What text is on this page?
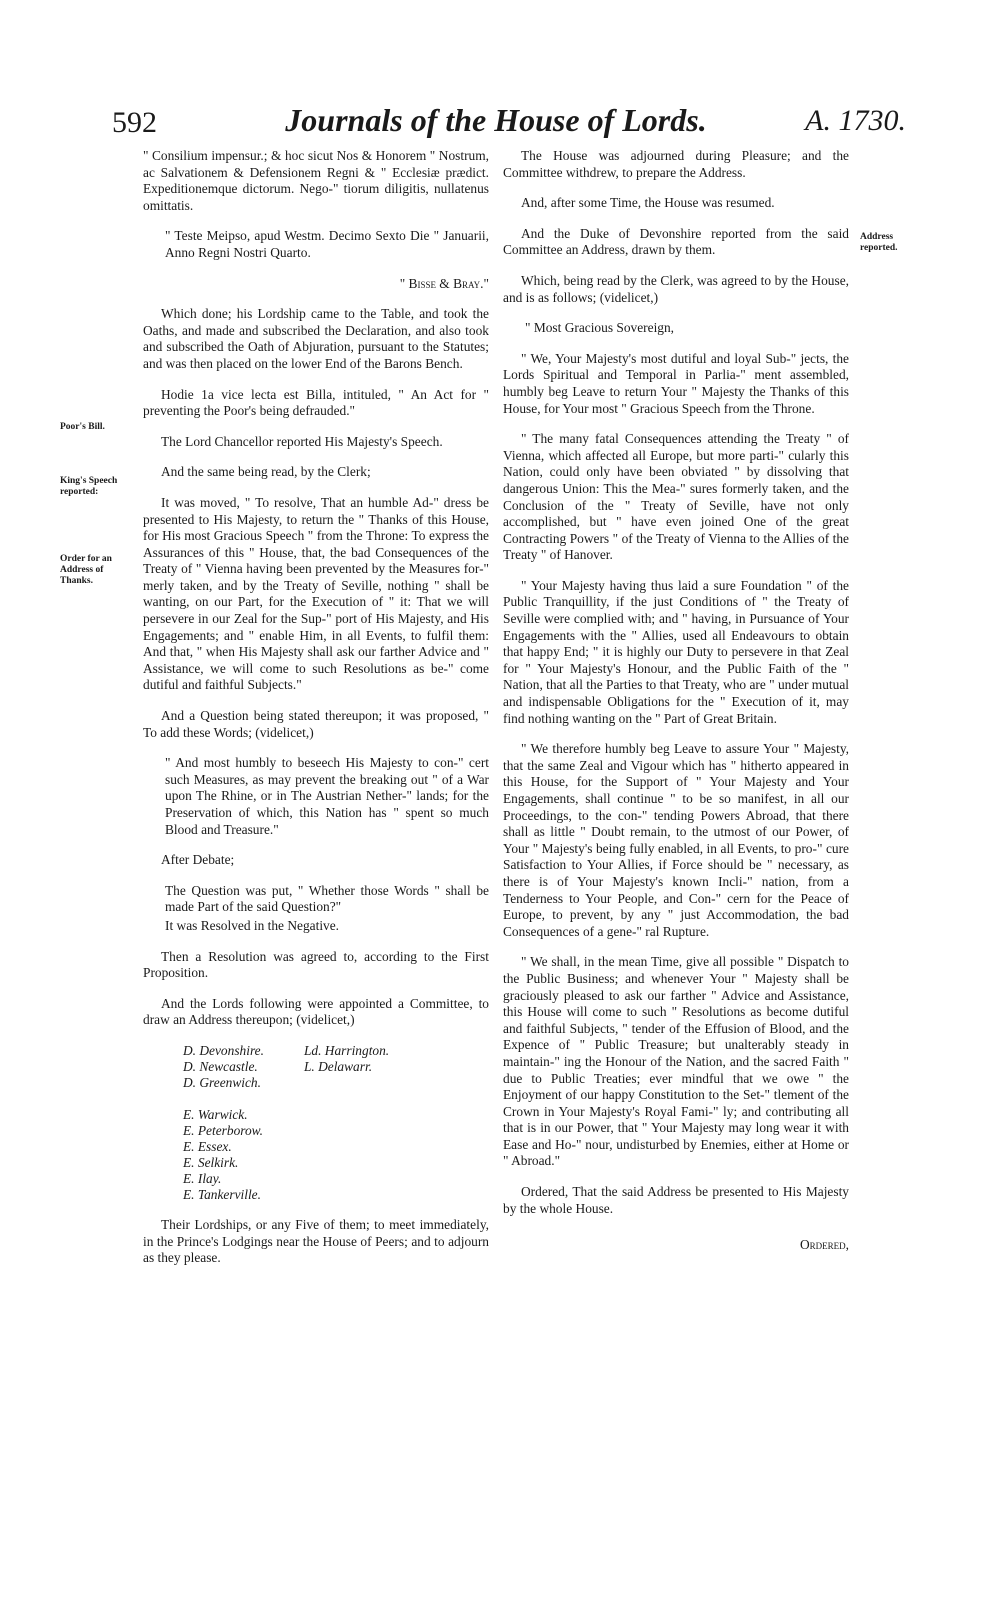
592	Journals of the House of Lords.	A. 1730.
Poor's Bill.
King's Speech reported:
Order for an Address of Thanks.
Address reported.

" Consilium impensur.; & hoc sicut Nos & Honorem " Nostrum, ac Salvationem & Defensionem Regni & " Ecclesiæ prædict. Expeditionemque dictorum. Nego-" tiorum diligitis, nullatenus omittatis.

" Teste Meipso, apud Westm. Decimo Sexto Die " Januarii, Anno Regni Nostri Quarto.

" Bisse & Bray."

Which done; his Lordship came to the Table, and took the Oaths, and made and subscribed the Declaration, and also took and subscribed the Oath of Abjuration, pursuant to the Statutes; and was then placed on the lower End of the Barons Bench.

Hodie 1a vice lecta est Billa, intituled, " An Act for " preventing the Poor's being defrauded."

The Lord Chancellor reported His Majesty's Speech.

And the same being read, by the Clerk;

It was moved, " To resolve, That an humble Ad-" dress be presented to His Majesty, to return the " Thanks of this House, for His most Gracious Speech " from the Throne: To express the Assurances of this " House, that, the bad Consequences of the Treaty of " Vienna having been prevented by the Measures for-" merly taken, and by the Treaty of Seville, nothing " shall be wanting, on our Part, for the Execution of " it: That we will persevere in our Zeal for the Sup-" port of His Majesty, and His Engagements; and " enable Him, in all Events, to fulfil them: And that, " when His Majesty shall ask our farther Advice and " Assistance, we will come to such Resolutions as be-" come dutiful and faithful Subjects."

And a Question being stated thereupon; it was proposed, " To add these Words; (videlicet,)

" And most humbly to beseech His Majesty to con-" cert such Measures, as may prevent the breaking out " of a War upon The Rhine, or in The Austrian Nether-" lands; for the Preservation of which, this Nation has " spent so much Blood and Treasure."

After Debate;

The Question was put, " Whether those Words " shall be made Part of the said Question?"

It was Resolved in the Negative.

Then a Resolution was agreed to, according to the First Proposition.

And the Lords following were appointed a Committee, to draw an Address thereupon; (videlicet,)

D. Devonshire.
D. Newcastle.
D. Greenwich.

E. Warwick.
E. Peterborow.
E. Essex.
E. Selkirk.
E. Ilay.
E. Tankerville.
Ld. Harrington.
L. Delawarr.

Their Lordships, or any Five of them; to meet immediately, in the Prince's Lodgings near the House of Peers; and to adjourn as they please.

The House was adjourned during Pleasure; and the Committee withdrew, to prepare the Address.

And, after some Time, the House was resumed.

And the Duke of Devonshire reported from the said Committee an Address, drawn by them.

Which, being read by the Clerk, was agreed to by the House, and is as follows; (videlicet,)

" Most Gracious Sovereign,

" We, Your Majesty's most dutiful and loyal Sub-" jects, the Lords Spiritual and Temporal in Parlia-" ment assembled, humbly beg Leave to return Your " Majesty the Thanks of this House, for Your most " Gracious Speech from the Throne.

" The many fatal Consequences attending the Treaty " of Vienna, which affected all Europe, but more parti-" cularly this Nation, could only have been obviated " by dissolving that dangerous Union: This the Mea-" sures formerly taken, and the Conclusion of the " Treaty of Seville, have not only accomplished, but " have even joined One of the great Contracting Powers " of the Treaty of Vienna to the Allies of the Treaty " of Hanover.

" Your Majesty having thus laid a sure Foundation " of the Public Tranquillity, if the just Conditions of " the Treaty of Seville were complied with; and " having, in Pursuance of Your Engagements with the " Allies, used all Endeavours to obtain that happy End; " it is highly our Duty to persevere in that Zeal for " Your Majesty's Honour, and the Public Faith of the " Nation, that all the Parties to that Treaty, who are " under mutual and indispensable Obligations for the " Execution of it, may find nothing wanting on the " Part of Great Britain.

" We therefore humbly beg Leave to assure Your " Majesty, that the same Zeal and Vigour which has " hitherto appeared in this House, for the Support of " Your Majesty and Your Engagements, shall continue " to be so manifest, in all our Proceedings, to the con-" tending Powers Abroad, that there shall as little " Doubt remain, to the utmost of our Power, of Your " Majesty's being fully enabled, in all Events, to pro-" cure Satisfaction to Your Allies, if Force should be " necessary, as there is of Your Majesty's known Incli-" nation, from a Tenderness to Your People, and Con-" cern for the Peace of Europe, to prevent, by any " just Accommodation, the bad Consequences of a gene-" ral Rupture.

" We shall, in the mean Time, give all possible " Dispatch to the Public Business; and whenever Your " Majesty shall be graciously pleased to ask our farther " Advice and Assistance, this House will come to such " Resolutions as become dutiful and faithful Subjects, " tender of the Effusion of Blood, and the Expence of " Public Treasure; but unalterably steady in maintain-" ing the Honour of the Nation, and the sacred Faith " due to Public Treaties; ever mindful that we owe " the Enjoyment of our happy Constitution to the Set-" tlement of the Crown in Your Majesty's Royal Fami-" ly; and contributing all that is in our Power, that " Your Majesty may long wear it with Ease and Ho-" nour, undisturbed by Enemies, either at Home or " Abroad."

Ordered, That the said Address be presented to His Majesty by the whole House.

Ordered,
